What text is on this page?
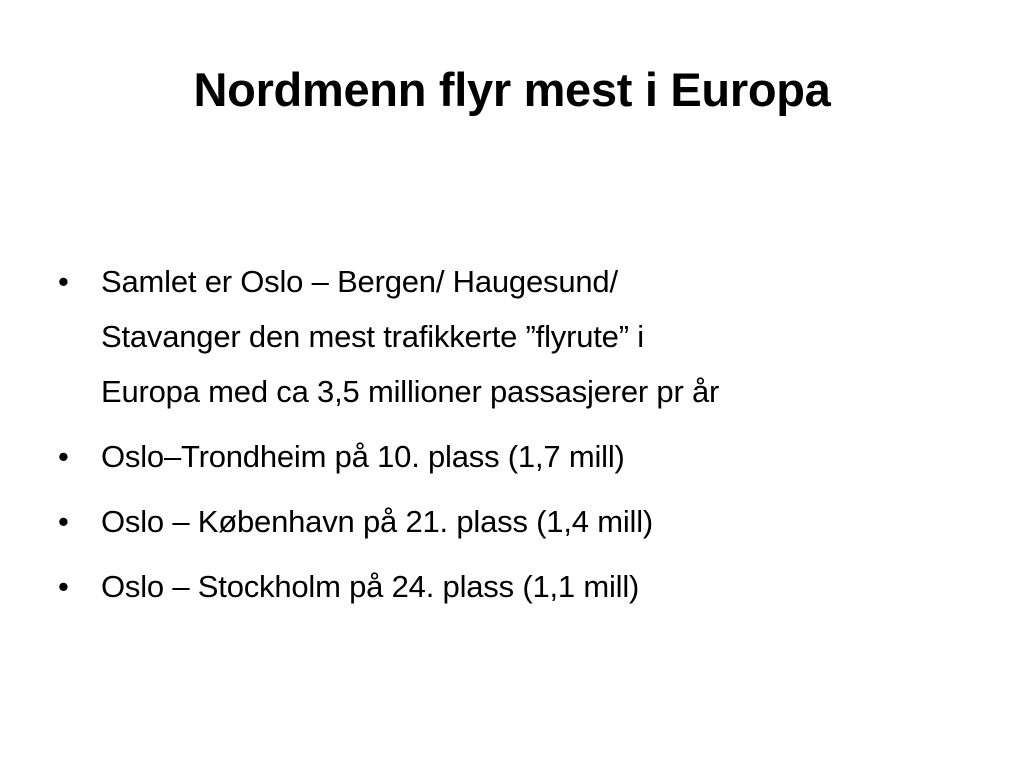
Nordmenn flyr mest i Europa
• Samlet er Oslo – Bergen/ Haugesund/
Stavanger den mest trafikkerte ”flyrute” i
Europa med ca 3,5 millioner passasjerer pr år
• Oslo–Trondheim på 10. plass (1,7 mill)
• Oslo – København på 21. plass (1,4 mill)
• Oslo – Stockholm på 24. plass (1,1 mill)
